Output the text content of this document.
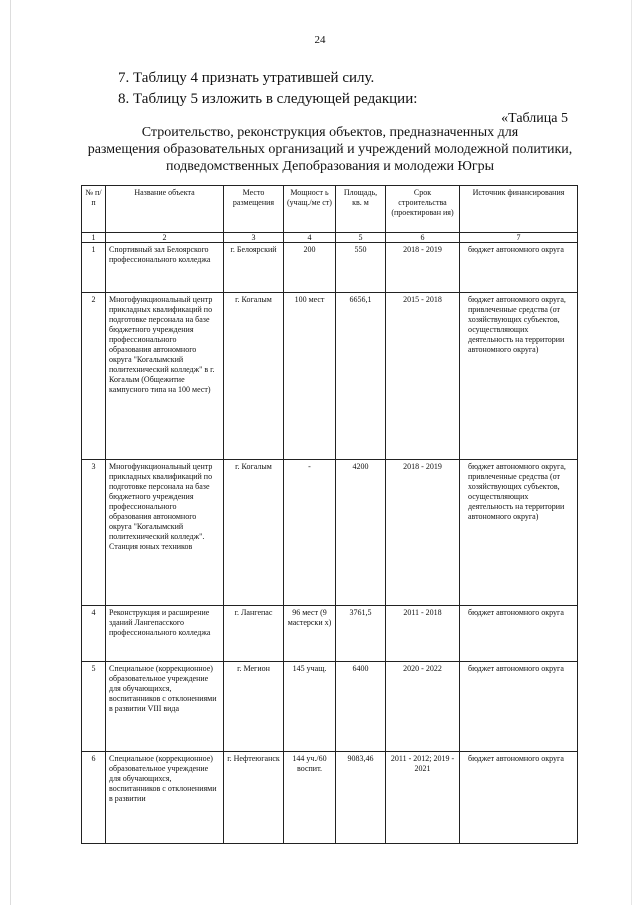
24
7. Таблицу 4 признать утратившей силу.
8. Таблицу 5 изложить в следующей редакции:
«Таблица 5
Строительство, реконструкция объектов, предназначенных для
размещения образовательных организаций и учреждений молодежной политики,
подведомственных Депобразования и молодежи Югры
№ п/п	Название объекта	Место размещения	Мощност ь (учащ./ме ст)	Площадь, кв. м	Срок строительства (проектирован ия)	Источник финансирования
1	2	3	4	5	6	7
1	Спортивный зал Белоярского профессионального колледжа	г. Белоярский	200	550	2018 - 2019	бюджет автономного округа
2	Многофункциональный центр прикладных квалификаций по подготовке персонала на базе бюджетного учреждения профессионального образования автономного округа "Когалымский политехнический колледж" в г. Когалым (Общежитие кампусного типа на 100 мест)	г. Когалым	100 мест	6656,1	2015 - 2018	бюджет автономного округа, привлеченные средства (от хозяйствующих субъектов, осуществляющих деятельность на территории автономного округа)
3	Многофункциональный центр прикладных квалификаций по подготовке персонала на базе бюджетного учреждения профессионального образования автономного округа "Когалымский политехнический колледж". Станция юных техников	г. Когалым	-	4200	2018 - 2019	бюджет автономного округа, привлеченные средства (от хозяйствующих субъектов, осуществляющих деятельность на территории автономного округа)
4	Реконструкция и расширение зданий Лангепасского профессионального колледжа	г. Лангепас	96 мест (9 мастерски х)	3761,5	2011 - 2018	бюджет автономного округа
5	Специальное (коррекционное) образовательное учреждение для обучающихся, воспитанников с отклонениями в развитии VIII вида	г. Мегион	145 учащ.	6400	2020 - 2022	бюджет автономного округа
6	Специальное (коррекционное) образовательное учреждение для обучающихся, воспитанников с отклонениями в развитии	г. Нефтеюганск	144 уч./60 воспит.	9083,46	2011 - 2012; 2019 - 2021	бюджет автономного округа
